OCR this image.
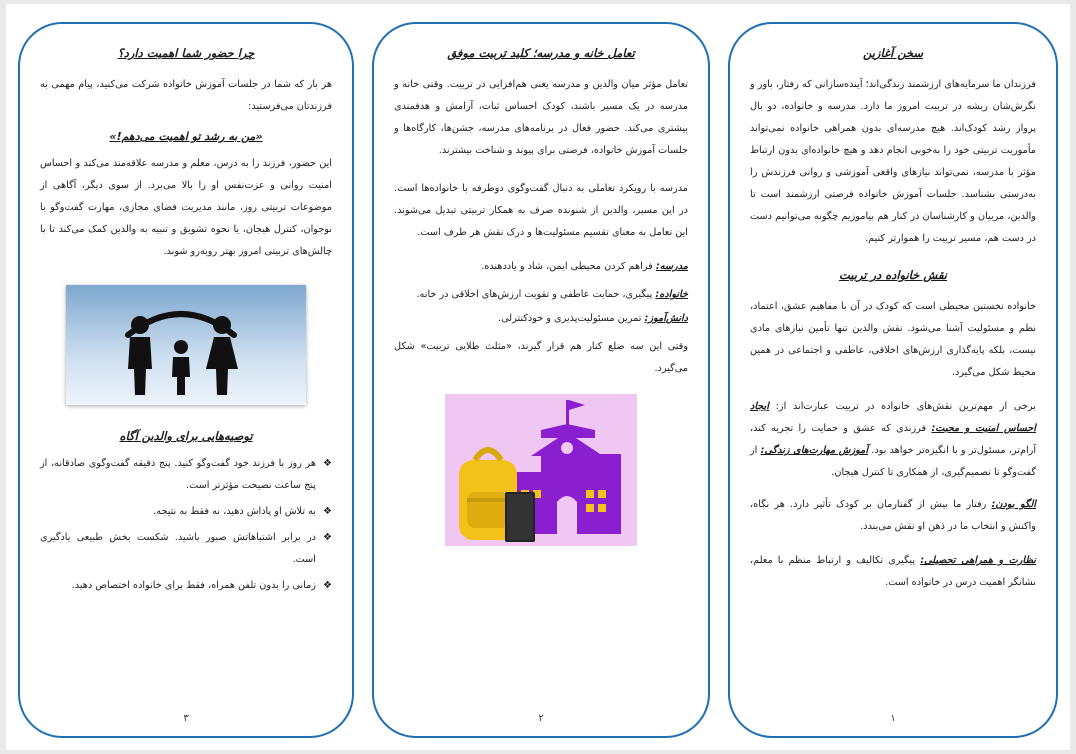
سخن آغازین

فرزندان ما سرمایه‌های ارزشمند زندگی‌اند؛ آینده‌سازانی که رفتار، باور و نگرش‌شان ریشه در تربیت امروز ما دارد. مدرسه و خانواده، دو بال پرواز رشد کودک‌اند. هیچ مدرسه‌ای بدون همراهی خانواده نمی‌تواند مأموریت تربیتی خود را به‌خوبی انجام دهد و هیچ خانواده‌ای بدون ارتباط مؤثر با مدرسه، نمی‌تواند نیازهای واقعی آموزشی و روانی فرزندش را به‌درستی بشناسد. جلسات آموزش خانواده فرصتی ارزشمند است تا والدین، مربیان و کارشناسان در کنار هم بیاموزیم چگونه می‌توانیم دست در دست هم، مسیر تربیت را هموارتر کنیم.

نقش خانواده در تربیت

خانواده نخستین محیطی است که کودک در آن با مفاهیم عشق، اعتماد، نظم و مسئولیت آشنا می‌شود. نقش والدین تنها تأمین نیازهای مادی نیست، بلکه پایه‌گذاری ارزش‌های اخلاقی، عاطفی و اجتماعی در همین محیط شکل می‌گیرد.

برخی از مهم‌ترین نقش‌های خانواده در تربیت عبارت‌اند از: ایجاد احساس امنیت و محبت: فرزندی که عشق و حمایت را تجربه کند، آرام‌تر، مسئول‌تر و با انگیزه‌تر خواهد بود. آموزش مهارت‌های زندگی: از گفت‌وگو تا تصمیم‌گیری، از همکاری تا کنترل هیجان.

الگو بودن: رفتار ما بیش از گفتارمان بر کودک تأثیر دارد. هر نگاه، واکنش و انتخاب ما در ذهن او نقش می‌بندد.

نظارت و همراهی تحصیلی: پیگیری تکالیف و ارتباط منظم با معلم، نشانگر اهمیت درس در خانواده است.

۱

تعامل خانه و مدرسه؛ کلید تربیت موفق

تعامل مؤثر میان والدین و مدرسه یعنی هم‌افزایی در تربیت. وقتی خانه و مدرسه در یک مسیر باشند، کودک احساس ثبات، آرامش و هدفمندی بیشتری می‌کند. حضور فعال در برنامه‌های مدرسه، جشن‌ها، کارگاه‌ها و جلسات آموزش خانواده، فرصتی برای پیوند و شناخت بیشترند.

مدرسه با رویکرد تعاملی به دنبال گفت‌وگوی دوطرفه با خانواده‌ها است. در این مسیر، والدین از شنونده صرف به همکار تربیتی تبدیل می‌شوند. این تعامل به معنای تقسیم مسئولیت‌ها و درک نقش هر طرف است.

مدرسه: فراهم کردن محیطی ایمن، شاد و یاددهنده.

خانواده: پیگیری، حمایت عاطفی و تقویت ارزش‌های اخلاقی در خانه.

دانش‌آموز: تمرین مسئولیت‌پذیری و خودکنترلی.

وقتی این سه ضلع کنار هم قرار گیرند، «مثلث طلایی تربیت» شکل می‌گیرد.

۲

چرا حضور شما اهمیت دارد؟

هر بار که شما در جلسات آموزش خانواده شرکت می‌کنید، پیام مهمی به فرزندتان می‌فرستید:

«من به رشد تو اهمیت می‌دهم!»

این حضور، فرزند را به درس، معلم و مدرسه علاقه‌مند می‌کند و احساس امنیت روانی و عزت‌نفس او را بالا می‌برد. از سوی دیگر، آگاهی از موضوعات تربیتی روز، مانند مدیریت فضای مجازی، مهارت گفت‌وگو با نوجوان، کنترل هیجان، یا نحوه تشویق و تنبیه به والدین کمک می‌کند تا با چالش‌های تربیتی امروز بهتر روبه‌رو شوند.

توصیه‌هایی برای والدین آگاه

❖
هر روز با فرزند خود گفت‌وگو کنید. پنج دقیقه گفت‌وگوی صادقانه، از پنج ساعت نصیحت مؤثرتر است.
❖
به تلاش او پاداش دهید، نه فقط به نتیجه.
❖
در برابر اشتباهاتش صبور باشید. شکست بخش طبیعی یادگیری است.
❖
زمانی را بدون تلفن همراه، فقط برای خانواده اختصاص دهید.
۳
